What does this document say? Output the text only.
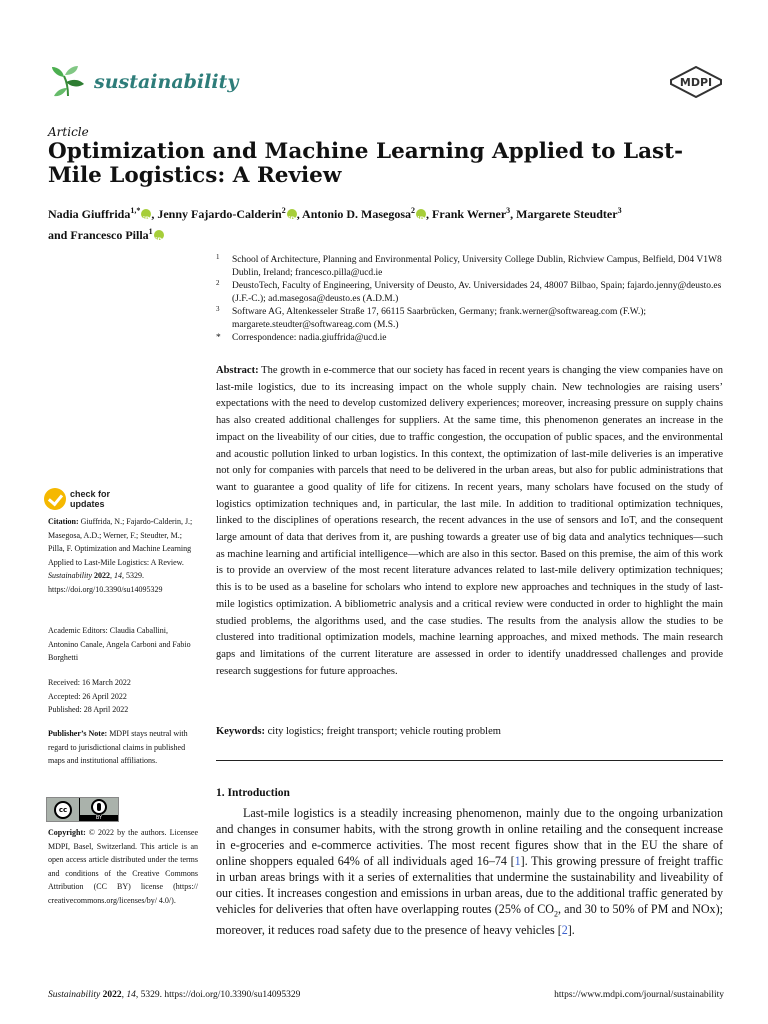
sustainability	MDPI
Article
Optimization and Machine Learning Applied to Last-Mile Logistics: A Review
Nadia Giuffrida$^{1,*}$ iD , Jenny Fajardo-Calderin$^2$ iD , Antonio D. Masegosa$^2$ iD , Frank Werner$^3$, Margarete Steudter$^3$
and Francesco Pilla$^1$iD
1 School of Architecture, Planning and Environmental Policy, University College Dublin, Richview Campus, Belfield, D04 V1W8 Dublin, Ireland; francesco.pilla@ucd.ie
2 DeustoTech, Faculty of Engineering, University of Deusto, Av. Universidades 24, 48007 Bilbao, Spain; fajardo.jenny@deusto.es (J.F.-C.); ad.masegosa@deusto.es (A.D.M.)
3 Software AG, Altenkesseler Straße 17, 66115 Saarbrücken, Germany; frank.werner@softwareag.com (F.W.); margarete.steudter@softwareag.com (M.S.)
* Correspondence: nadia.giuffrida@ucd.ie

Abstract: The growth in e-commerce that our society has faced in recent years is changing the view companies have on last-mile logistics, due to its increasing impact on the whole supply chain. New technologies are raising users’ expectations with the need to develop customized delivery experiences; moreover, increasing pressure on supply chains has also created additional challenges for suppliers. At the same time, this phenomenon generates an increase in the impact on the liveability of our cities, due to traffic congestion, the occupation of public spaces, and the environmental and acoustic pollution linked to urban logistics. In this context, the optimization of last-mile deliveries is an imperative not only for companies with parcels that need to be delivered in the urban areas, but also for public administrations that want to guarantee a good quality of life for citizens. In recent years, many scholars have focused on the study of logistics optimization techniques and, in particular, the last mile. In addition to traditional optimization techniques, linked to the disciplines of operations research, the recent advances in the use of sensors and IoT, and the consequent large amount of data that derives from it, are pushing towards a greater use of big data and analytics techniques—such as machine learning and artificial intelligence—which are also in this sector. Based on this premise, the aim of this work is to provide an overview of the most recent literature advances related to last-mile delivery optimization techniques; this is to be used as a baseline for scholars who intend to explore new approaches and techniques in the study of last-mile logistics optimization. A bibliometric analysis and a critical review were conducted in order to highlight the main studied problems, the algorithms used, and the case studies. The results from the analysis allow the studies to be clustered into traditional optimization models, machine learning approaches, and mixed methods. The main research gaps and limitations of the current literature are assessed in order to identify unaddressed challenges and provide research suggestions for future approaches.

Keywords: city logistics; freight transport; vehicle routing problem

1. Introduction

Last-mile logistics is a steadily increasing phenomenon, mainly due to the ongoing urbanization and changes in consumer habits, with the strong growth in online retailing and the consequent increase in e-groceries and e-commerce activities. The most recent figures show that in the EU the share of online shoppers equaled 64% of all individuals aged 16–74 [1]. This growing pressure of freight traffic in urban areas brings with it a series of externalities that undermine the sustainability and liveability of our cities. It increases congestion and emissions in urban areas, due to the additional traffic generated by vehicles for deliveries that often have overlapping routes (25% of $CO_2$, and 30 to 50% of PM and NOx); moreover, it reduces road safety due to the presence of heavy vehicles [2].

check for updates
Citation: Giuffrida, N.; Fajardo-Calderin, J.; Masegosa, A.D.; Werner, F.; Steudter, M.; Pilla, F. Optimization and Machine Learning Applied to Last-Mile Logistics: A Review. Sustainability 2022, 14, 5329. https://doi.org/10.3390/su14095329
Academic Editors: Claudia Caballini, Antonino Canale, Angela Carboni and Fabio Borghetti
Received: 16 March 2022
Accepted: 26 April 2022
Published: 28 April 2022
Publisher’s Note: MDPI stays neutral with regard to jurisdictional claims in published maps and institutional affiliations.
cc
BY
Copyright: © 2022 by the authors. Licensee MDPI, Basel, Switzerland. This article is an open access article distributed under the terms and conditions of the Creative Commons Attribution (CC BY) license (https:// creativecommons.org/licenses/by/ 4.0/).
Sustainability 2022, 14, 5329. https://doi.org/10.3390/su14095329	https://www.mdpi.com/journal/sustainability
